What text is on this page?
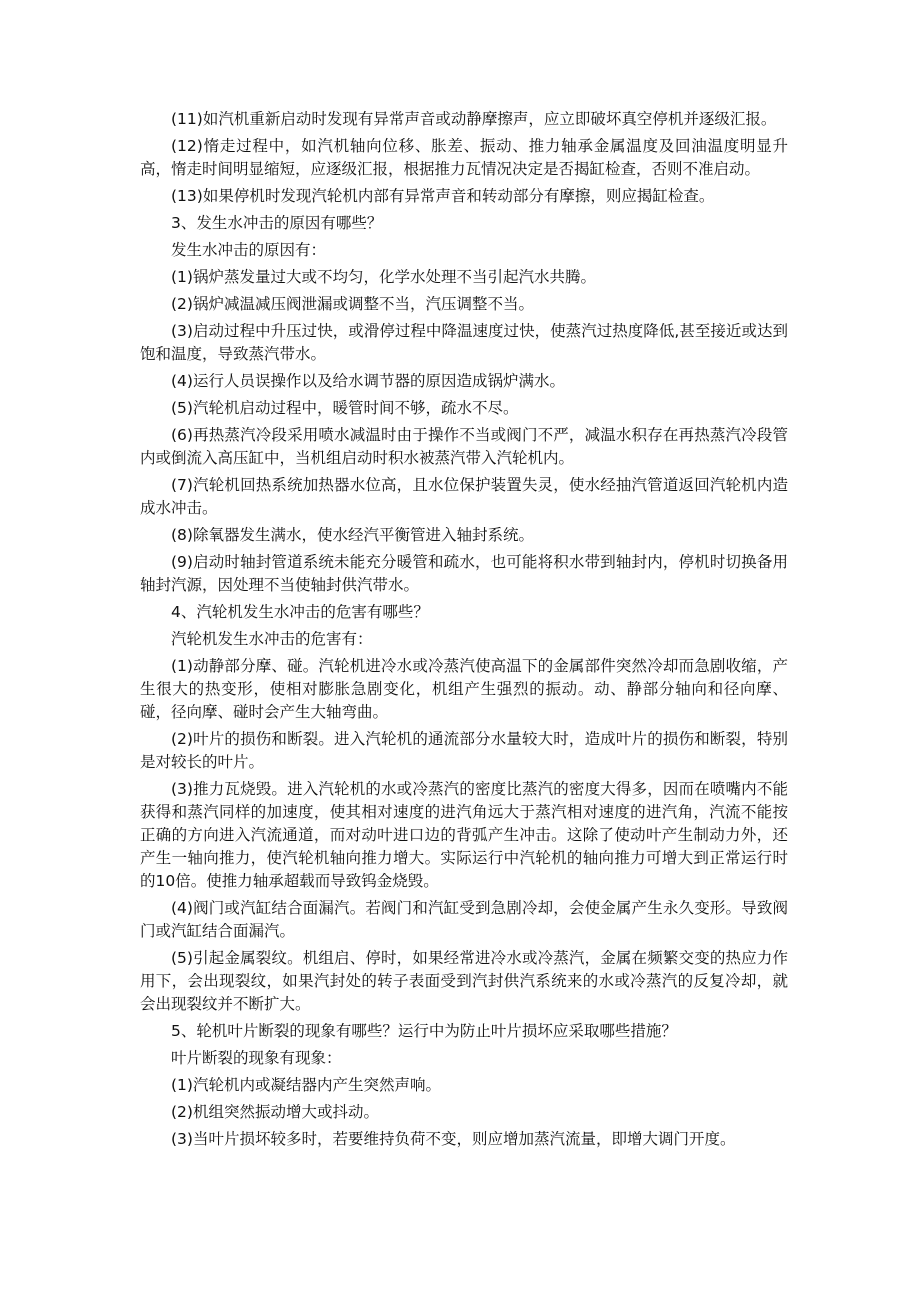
(11)如汽机重新启动时发现有异常声音或动静摩擦声，应立即破坏真空停机并逐级汇报。

(12)惰走过程中，如汽机轴向位移、胀差、振动、推力轴承金属温度及回油温度明显升高，惰走时间明显缩短，应逐级汇报，根据推力瓦情况决定是否揭缸检查，否则不准启动。

(13)如果停机时发现汽轮机内部有异常声音和转动部分有摩擦，则应揭缸检查。

3、发生水冲击的原因有哪些？

发生水冲击的原因有：

(1)锅炉蒸发量过大或不均匀，化学水处理不当引起汽水共腾。

(2)锅炉减温减压阀泄漏或调整不当，汽压调整不当。

(3)启动过程中升压过快，或滑停过程中降温速度过快，使蒸汽过热度降低,甚至接近或达到饱和温度，导致蒸汽带水。

(4)运行人员误操作以及给水调节器的原因造成锅炉满水。

(5)汽轮机启动过程中，暖管时间不够，疏水不尽。

(6)再热蒸汽冷段采用喷水减温时由于操作不当或阀门不严，减温水积存在再热蒸汽冷段管内或倒流入高压缸中，当机组启动时积水被蒸汽带入汽轮机内。

(7)汽轮机回热系统加热器水位高，且水位保护装置失灵，使水经抽汽管道返回汽轮机内造成水冲击。

(8)除氧器发生满水，使水经汽平衡管进入轴封系统。

(9)启动时轴封管道系统未能充分暖管和疏水，也可能将积水带到轴封内，停机时切换备用轴封汽源，因处理不当使轴封供汽带水。

4、汽轮机发生水冲击的危害有哪些？

汽轮机发生水冲击的危害有：

(1)动静部分摩、碰。汽轮机进冷水或冷蒸汽使高温下的金属部件突然冷却而急剧收缩，产生很大的热变形，使相对膨胀急剧变化，机组产生强烈的振动。动、静部分轴向和径向摩、碰，径向摩、碰时会产生大轴弯曲。

(2)叶片的损伤和断裂。进入汽轮机的通流部分水量较大时，造成叶片的损伤和断裂，特别是对较长的叶片。

(3)推力瓦烧毁。进入汽轮机的水或冷蒸汽的密度比蒸汽的密度大得多，因而在喷嘴内不能获得和蒸汽同样的加速度，使其相对速度的进汽角远大于蒸汽相对速度的进汽角，汽流不能按正确的方向进入汽流通道，而对动叶进口边的背弧产生冲击。这除了使动叶产生制动力外，还产生一轴向推力，使汽轮机轴向推力增大。实际运行中汽轮机的轴向推力可增大到正常运行时的10倍。使推力轴承超载而导致钨金烧毁。

(4)阀门或汽缸结合面漏汽。若阀门和汽缸受到急剧冷却，会使金属产生永久变形。导致阀门或汽缸结合面漏汽。

(5)引起金属裂纹。机组启、停时，如果经常进冷水或冷蒸汽，金属在频繁交变的热应力作用下，会出现裂纹，如果汽封处的转子表面受到汽封供汽系统来的水或冷蒸汽的反复冷却，就会出现裂纹并不断扩大。

5、轮机叶片断裂的现象有哪些？运行中为防止叶片损坏应采取哪些措施？

叶片断裂的现象有现象：

(1)汽轮机内或凝结器内产生突然声响。

(2)机组突然振动增大或抖动。

(3)当叶片损坏较多时，若要维持负荷不变，则应增加蒸汽流量，即增大调门开度。
